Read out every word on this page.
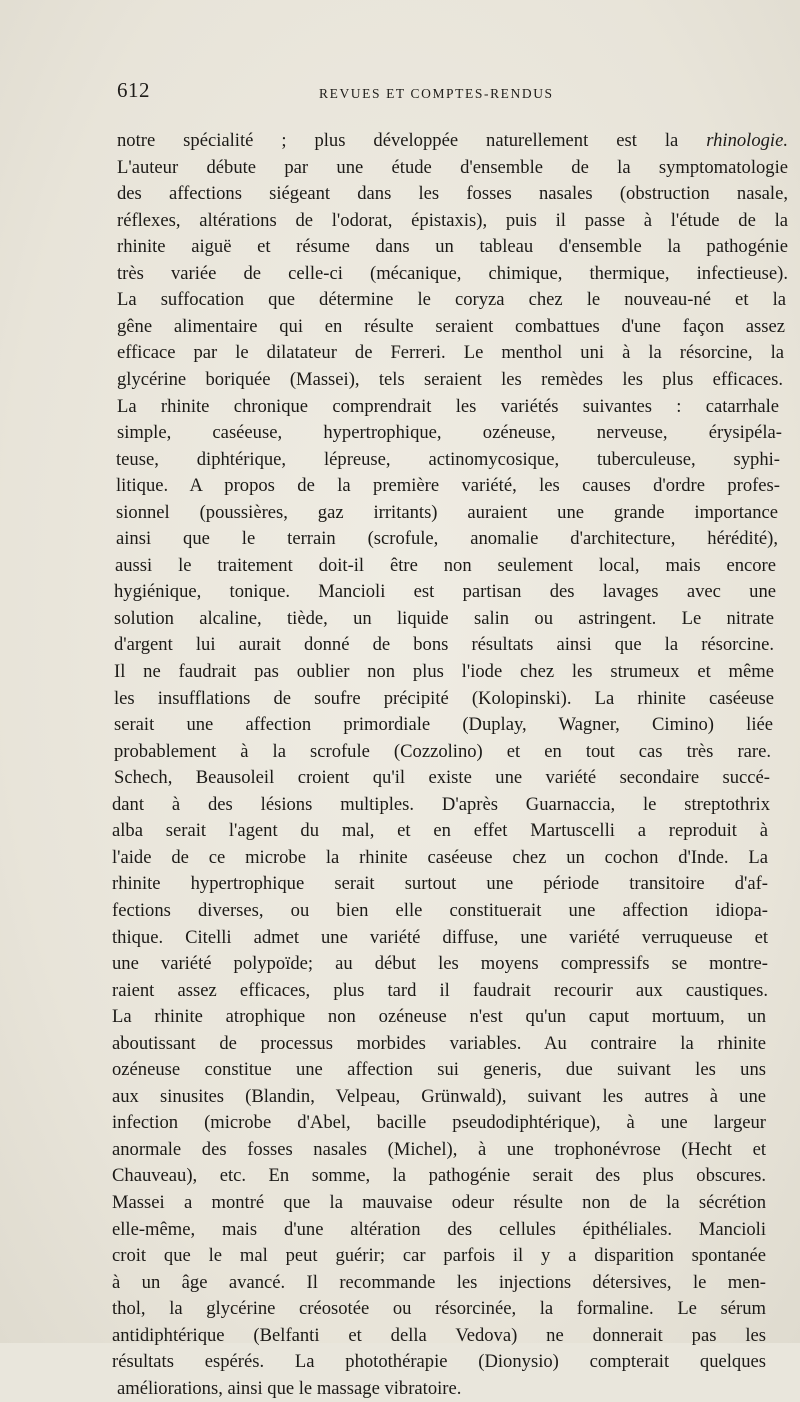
612	REVUES ET COMPTES-RENDUS
notre spécialité ; plus développée naturellement est la rhinologie.
L'auteur débute par une étude d'ensemble de la symptomatologie
des affections siégeant dans les fosses nasales (obstruction nasale,
réflexes, altérations de l'odorat, épistaxis), puis il passe à l'étude de la
rhinite aiguë et résume dans un tableau d'ensemble la pathogénie
très variée de celle-ci (mécanique, chimique, thermique, infectieuse).
La suffocation que détermine le coryza chez le nouveau-né et la
gêne alimentaire qui en résulte seraient combattues d'une façon assez
efficace par le dilatateur de Ferreri. Le menthol uni à la résorcine, la
glycérine boriquée (Massei), tels seraient les remèdes les plus efficaces.
La rhinite chronique comprendrait les variétés suivantes : catarrhale
simple, caséeuse, hypertrophique, ozéneuse, nerveuse, érysipéla-
teuse, diphtérique, lépreuse, actinomycosique, tuberculeuse, syphi-
litique. A propos de la première variété, les causes d'ordre profes-
sionnel (poussières, gaz irritants) auraient une grande importance
ainsi que le terrain (scrofule, anomalie d'architecture, hérédité),
aussi le traitement doit-il être non seulement local, mais encore
hygiénique, tonique. Mancioli est partisan des lavages avec une
solution alcaline, tiède, un liquide salin ou astringent. Le nitrate
d'argent lui aurait donné de bons résultats ainsi que la résorcine.
Il ne faudrait pas oublier non plus l'iode chez les strumeux et même
les insufflations de soufre précipité (Kolopinski). La rhinite caséeuse
serait une affection primordiale (Duplay, Wagner, Cimino) liée
probablement à la scrofule (Cozzolino) et en tout cas très rare.
Schech, Beausoleil croient qu'il existe une variété secondaire succé-
dant à des lésions multiples. D'après Guarnaccia, le streptothrix
alba serait l'agent du mal, et en effet Martuscelli a reproduit à
l'aide de ce microbe la rhinite caséeuse chez un cochon d'Inde. La
rhinite hypertrophique serait surtout une période transitoire d'af-
fections diverses, ou bien elle constituerait une affection idiopa-
thique. Citelli admet une variété diffuse, une variété verruqueuse et
une variété polypoïde; au début les moyens compressifs se montre-
raient assez efficaces, plus tard il faudrait recourir aux caustiques.
La rhinite atrophique non ozéneuse n'est qu'un caput mortuum, un
aboutissant de processus morbides variables. Au contraire la rhinite
ozéneuse constitue une affection sui generis, due suivant les uns
aux sinusites (Blandin, Velpeau, Grünwald), suivant les autres à une
infection (microbe d'Abel, bacille pseudodiphtérique), à une largeur
anormale des fosses nasales (Michel), à une trophonévrose (Hecht et
Chauveau), etc. En somme, la pathogénie serait des plus obscures.
Massei a montré que la mauvaise odeur résulte non de la sécrétion
elle-même, mais d'une altération des cellules épithéliales. Mancioli
croit que le mal peut guérir; car parfois il y a disparition spontanée
à un âge avancé. Il recommande les injections détersives, le men-
thol, la glycérine créosotée ou résorcinée, la formaline. Le sérum
antidiphtérique (Belfanti et della Vedova) ne donnerait pas les
résultats espérés. La photothérapie (Dionysio) compterait quelques
améliorations, ainsi que le massage vibratoire.
